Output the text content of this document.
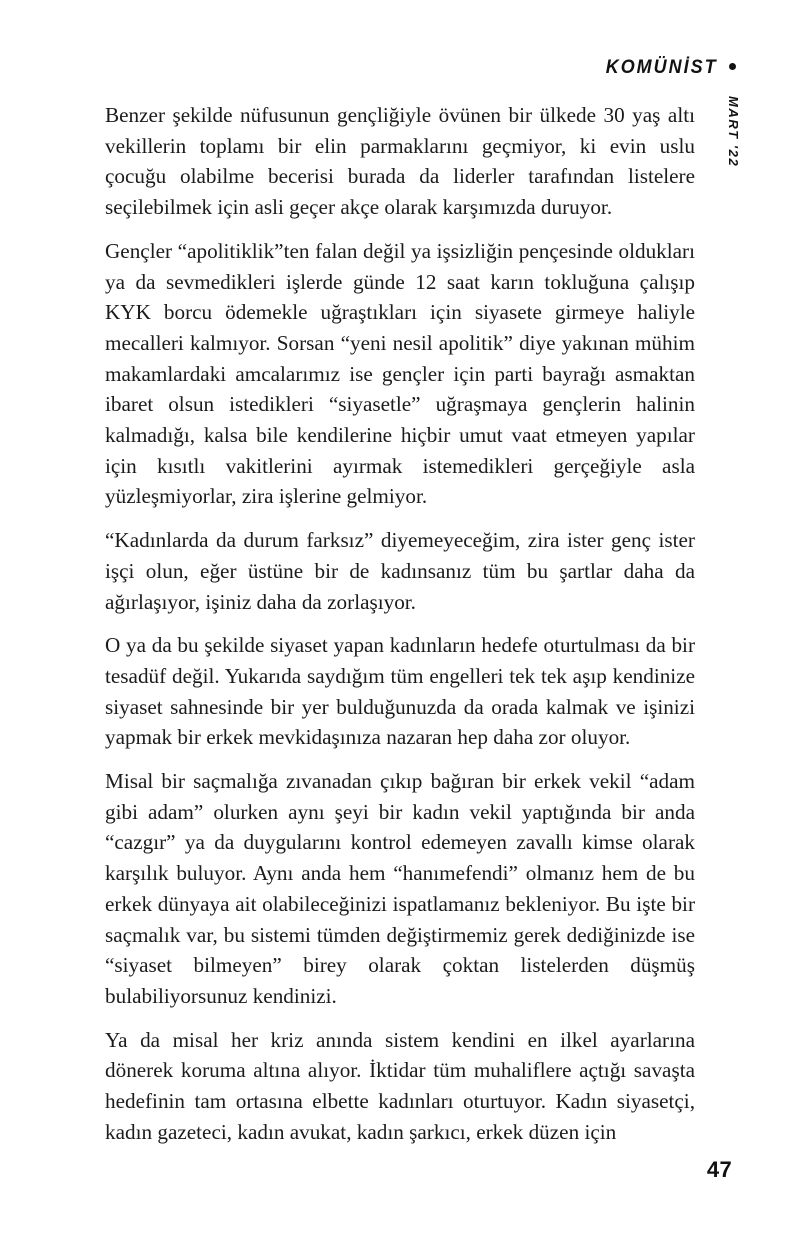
KOMÜNİST
MART '22

Benzer şekilde nüfusunun gençliğiyle övünen bir ülkede 30 yaş altı vekillerin toplamı bir elin parmaklarını geçmiyor, ki evin uslu çocuğu olabilme becerisi burada da liderler tarafından listelere seçilebilmek için asli geçer akçe olarak karşımızda duruyor.

Gençler “apolitiklik”ten falan değil ya işsizliğin pençesinde oldukları ya da sevmedikleri işlerde günde 12 saat karın tokluğuna çalışıp KYK borcu ödemekle uğraştıkları için siyasete girmeye haliyle mecalleri kalmıyor. Sorsan “yeni nesil apolitik” diye yakınan mühim makamlardaki amcalarımız ise gençler için parti bayrağı asmaktan ibaret olsun istedikleri “siyasetle” uğraşmaya gençlerin halinin kalmadığı, kalsa bile kendilerine hiçbir umut vaat etmeyen yapılar için kısıtlı vakitlerini ayırmak istemedikleri gerçeğiyle asla yüzleşmiyorlar, zira işlerine gelmiyor.

“Kadınlarda da durum farksız” diyemeyeceğim, zira ister genç ister işçi olun, eğer üstüne bir de kadınsanız tüm bu şartlar daha da ağırlaşıyor, işiniz daha da zorlaşıyor.

O ya da bu şekilde siyaset yapan kadınların hedefe oturtulması da bir tesadüf değil. Yukarıda saydığım tüm engelleri tek tek aşıp kendinize siyaset sahnesinde bir yer bulduğunuzda da orada kalmak ve işinizi yapmak bir erkek mevkidaşınıza nazaran hep daha zor oluyor.

Misal bir saçmalığa zıvanadan çıkıp bağıran bir erkek vekil “adam gibi adam” olurken aynı şeyi bir kadın vekil yaptığında bir anda “cazgır” ya da duygularını kontrol edemeyen zavallı kimse olarak karşılık buluyor. Aynı anda hem “hanımefendi” olmanız hem de bu erkek dünyaya ait olabileceğinizi ispatlamanız bekleniyor. Bu işte bir saçmalık var, bu sistemi tümden değiştirmemiz gerek dediğinizde ise “siyaset bilmeyen” birey olarak çoktan listelerden düşmüş bulabiliyorsunuz kendinizi.

Ya da misal her kriz anında sistem kendini en ilkel ayarlarına dönerek koruma altına alıyor. İktidar tüm muhaliflere açtığı savaşta hedefinin tam ortasına elbette kadınları oturtuyor. Kadın siyasetçi, kadın gazeteci, kadın avukat, kadın şarkıcı, erkek düzen için

47
